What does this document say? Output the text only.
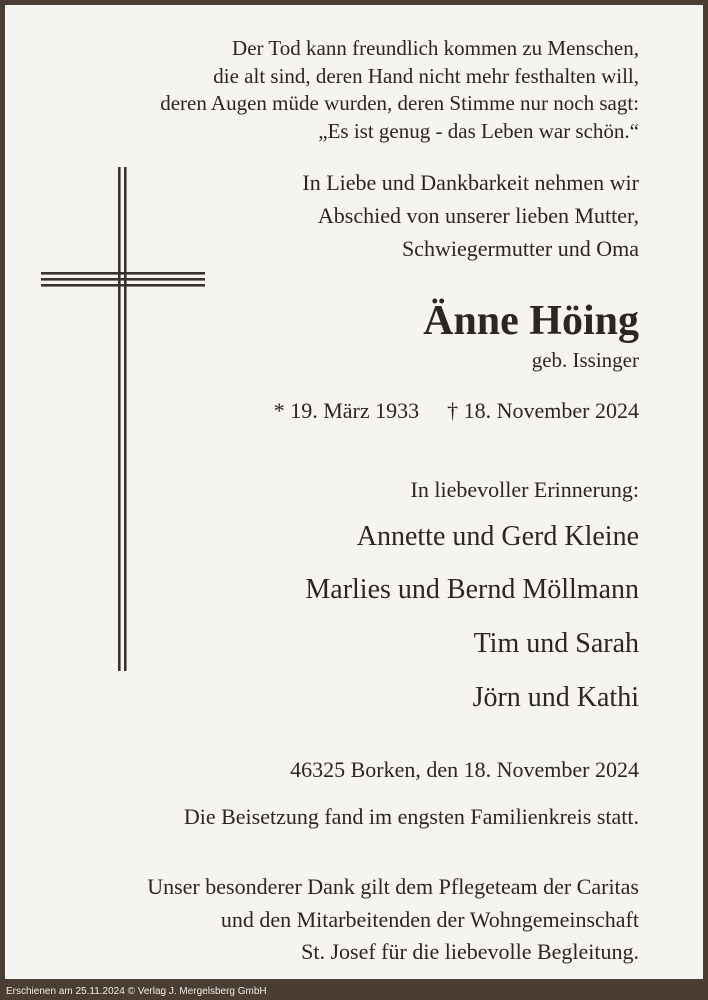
Der Tod kann freundlich kommen zu Menschen,
die alt sind, deren Hand nicht mehr festhalten will,
deren Augen müde wurden, deren Stimme nur noch sagt:
„Es ist genug - das Leben war schön.“
In Liebe und Dankbarkeit nehmen wir
Abschied von unserer lieben Mutter,
Schwiegermutter und Oma
Änne Höing
geb. Issinger
* 19. März 1933 † 18. November 2024
In liebevoller Erinnerung:
Annette und Gerd Kleine
Marlies und Bernd Möllmann
Tim und Sarah
Jörn und Kathi
46325 Borken, den 18. November 2024
Die Beisetzung fand im engsten Familienkreis statt.
Unser besonderer Dank gilt dem Pflegeteam der Caritas
und den Mitarbeitenden der Wohngemeinschaft
St. Josef für die liebevolle Begleitung.
Erschienen am 25.11.2024 © Verlag J. Mergelsberg GmbH
